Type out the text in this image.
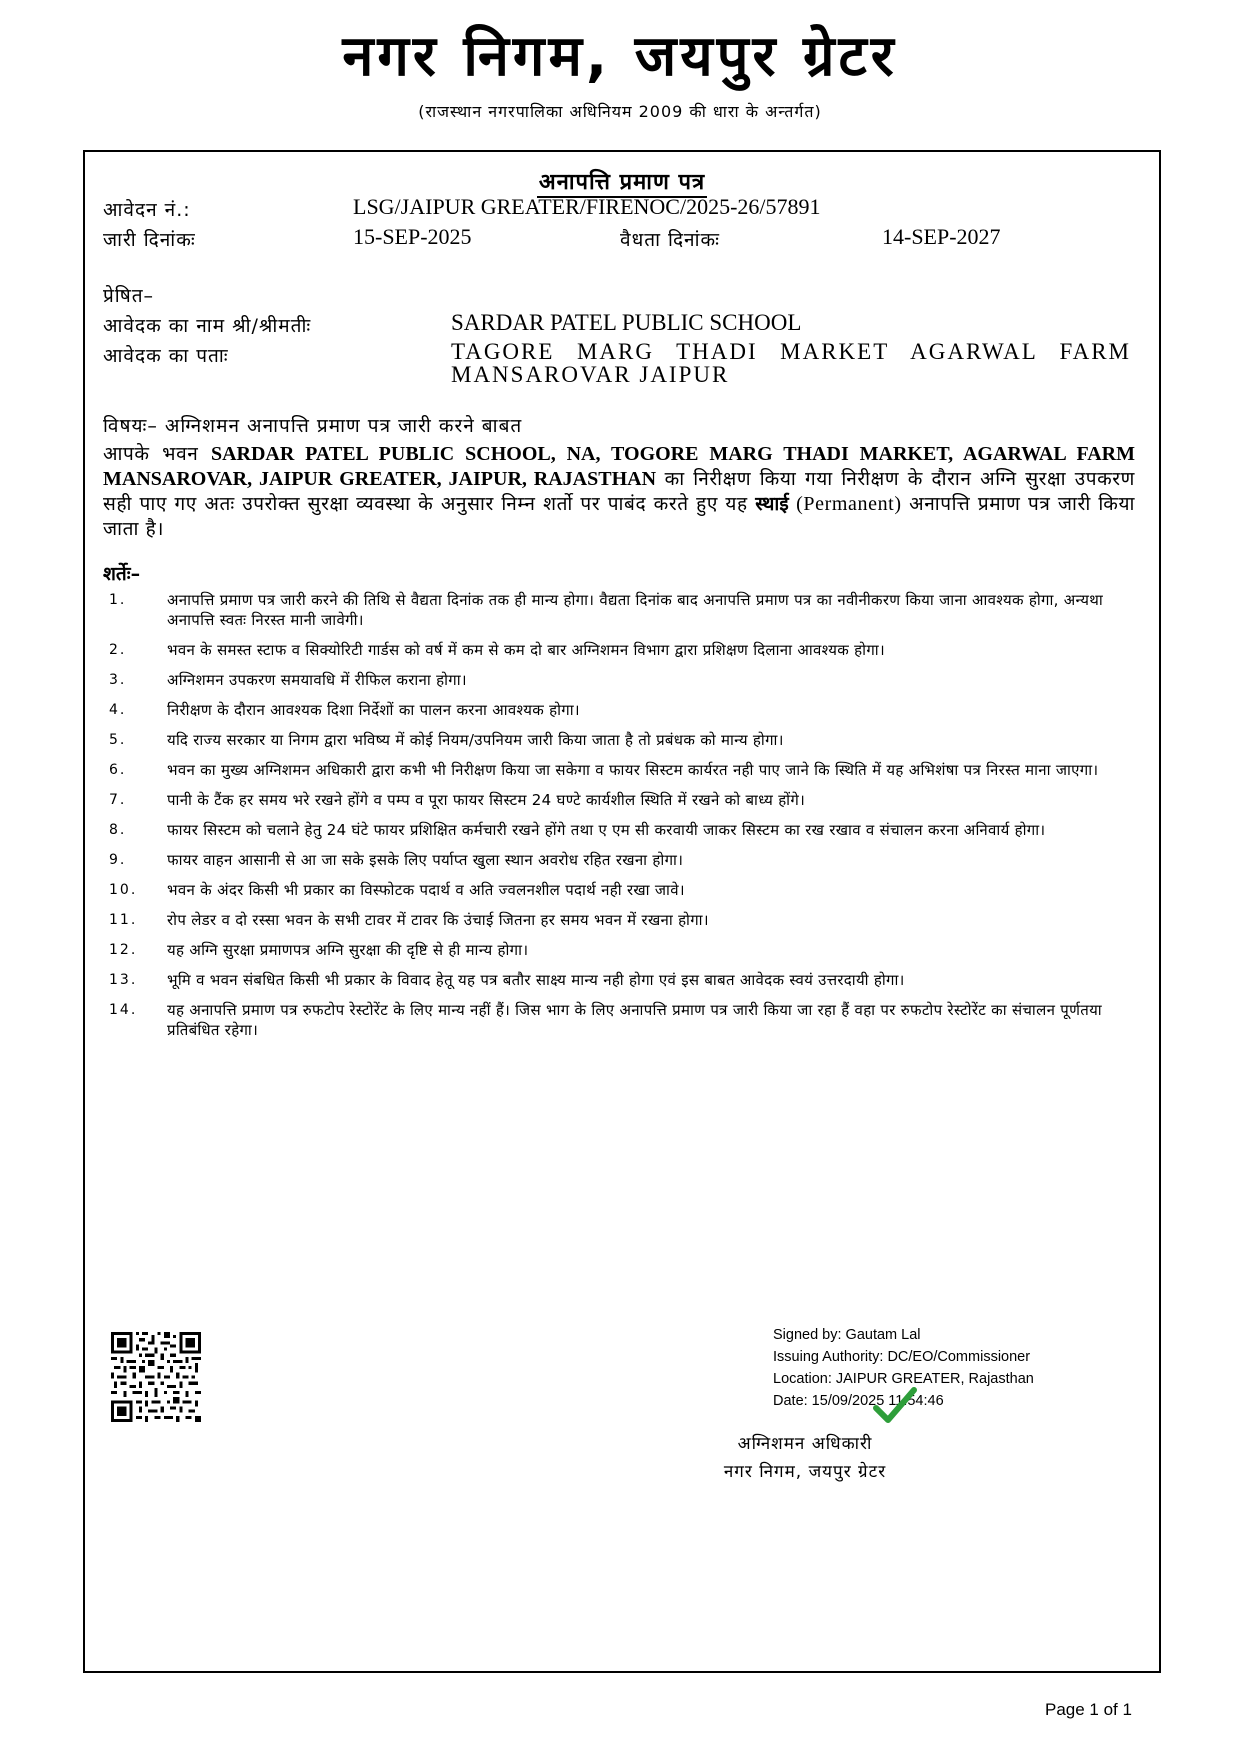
नगर निगम, जयपुर ग्रेटर
(राजस्थान नगरपालिका अधिनियम 2009 की धारा के अन्तर्गत)
अनापत्ति प्रमाण पत्र
आवेदन नं.:	LSG/JAIPUR GREATER/FIRENOC/2025-26/57891
जारी दिनांकः	15-SEP-2025	वैधता दिनांकः	14-SEP-2027
प्रेषित–
आवेदक का नाम श्री/श्रीमतीः	SARDAR PATEL PUBLIC SCHOOL
आवेदक का पताः	TAGORE MARG THADI MARKET AGARWAL FARM MANSAROVAR JAIPUR
विषयः– अग्निशमन अनापत्ति प्रमाण पत्र जारी करने बाबत
आपके भवन SARDAR PATEL PUBLIC SCHOOL, NA, TOGORE MARG THADI MARKET, AGARWAL FARM MANSAROVAR, JAIPUR GREATER, JAIPUR, RAJASTHAN का निरीक्षण किया गया निरीक्षण के दौरान अग्नि सुरक्षा उपकरण सही पाए गए अतः उपरोक्त सुरक्षा व्यवस्था के अनुसार निम्न शर्तो पर पाबंद करते हुए यह स्थाई (Permanent) अनापत्ति प्रमाण पत्र जारी किया जाता है।
शर्तेः–
1.	अनापत्ति प्रमाण पत्र जारी करने की तिथि से वैद्यता दिनांक तक ही मान्य होगा। वैद्यता दिनांक बाद अनापत्ति प्रमाण पत्र का नवीनीकरण किया जाना आवश्यक होगा, अन्यथा अनापत्ति स्वतः निरस्त मानी जावेगी।
2.	भवन के समस्त स्टाफ व सिक्योरिटी गार्डस को वर्ष में कम से कम दो बार अग्निशमन विभाग द्वारा प्रशिक्षण दिलाना आवश्यक होगा।
3.	अग्निशमन उपकरण समयावधि में रीफिल कराना होगा।
4.	निरीक्षण के दौरान आवश्यक दिशा निर्देशों का पालन करना आवश्यक होगा।
5.	यदि राज्य सरकार या निगम द्वारा भविष्य में कोई नियम/उपनियम जारी किया जाता है तो प्रबंधक को मान्य होगा।
6.	भवन का मुख्य अग्निशमन अधिकारी द्वारा कभी भी निरीक्षण किया जा सकेगा व फायर सिस्टम कार्यरत नही पाए जाने कि स्थिति में यह अभिशंषा पत्र निरस्त माना जाएगा।
7.	पानी के टैंक हर समय भरे रखने होंगे व पम्प व पूरा फायर सिस्टम 24 घण्टे कार्यशील स्थिति में रखने को बाध्य होंगे।
8.	फायर सिस्टम को चलाने हेतु 24 घंटे फायर प्रशिक्षित कर्मचारी रखने होंगे तथा ए एम सी करवायी जाकर सिस्टम का रख रखाव व संचालन करना अनिवार्य होगा।
9.	फायर वाहन आसानी से आ जा सके इसके लिए पर्याप्त खुला स्थान अवरोध रहित रखना होगा।
10. भवन के अंदर किसी भी प्रकार का विस्फोटक पदार्थ व अति ज्वलनशील पदार्थ नही रखा जावे।
11. रोप लेडर व दो रस्सा भवन के सभी टावर में टावर कि उंचाई जितना हर समय भवन में रखना होगा।
12. यह अग्नि सुरक्षा प्रमाणपत्र अग्नि सुरक्षा की दृष्टि से ही मान्य होगा।
13. भूमि व भवन संबधित किसी भी प्रकार के विवाद हेतू यह पत्र बतौर साक्ष्य मान्य नही होगा एवं इस बाबत आवेदक स्वयं उत्तरदायी होगा।
14. यह अनापत्ति प्रमाण पत्र रुफटोप रेस्टोरेंट के लिए मान्य नहीं हैं। जिस भाग के लिए अनापत्ति प्रमाण पत्र जारी किया जा रहा हैं वहा पर रुफटोप रेस्टोरेंट का संचालन पूर्णतया प्रतिबंधित रहेगा।
Signed by: Gautam Lal
Issuing Authority: DC/EO/Commissioner
Location: JAIPUR GREATER, Rajasthan
Date: 15/09/2025 11:54:46
अग्निशमन अधिकारी
नगर निगम, जयपुर ग्रेटर
Page 1 of 1
